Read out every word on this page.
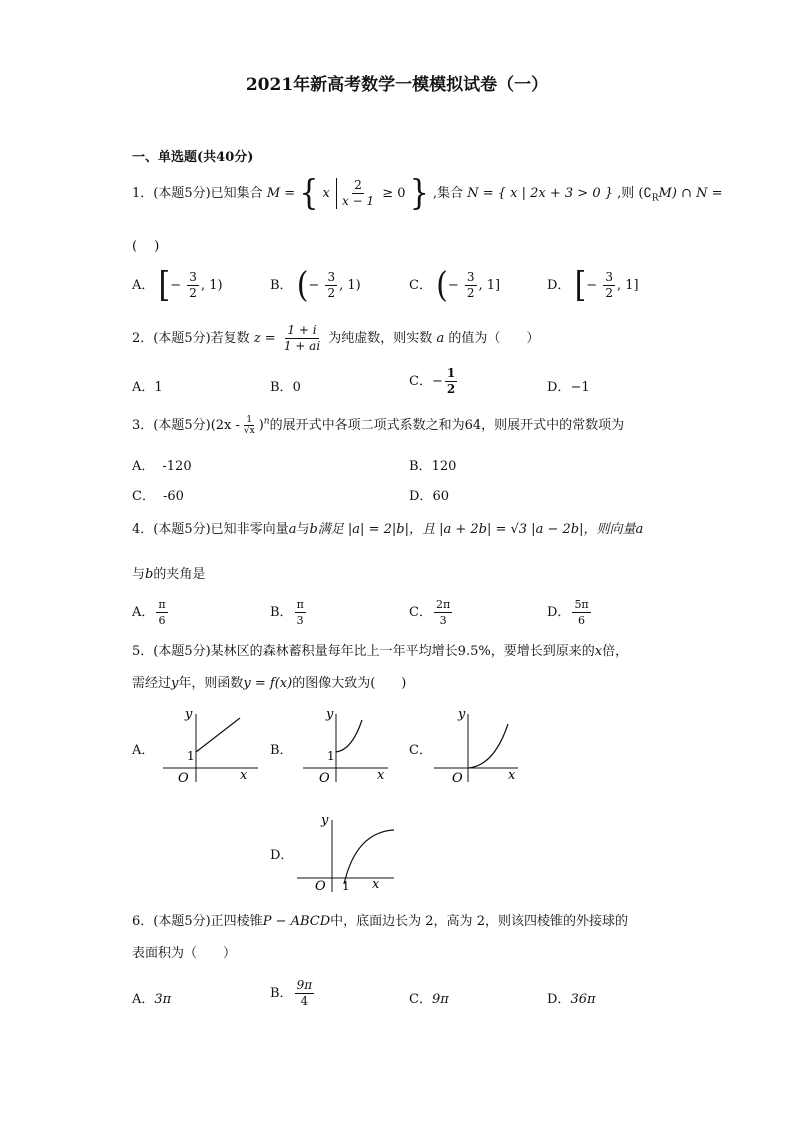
2021年新高考数学一模模拟试卷（一）
一、单选题(共40分)
1．(本题5分)已知集合 M = { x $\frac{2}{x - 1} \ge 0$ } ,集合 N = { x | 2x + 3 > 0 } ,则 $(∁_RM)$ ∩ N =
(　 )
A． [− $\frac{3}{2}$ , 1)	B． (− $\frac{3}{2}$ , 1)	C． (− $\frac{3}{2}$ , 1]	D． [− $\frac{3}{2}$ , 1]
2．(本题5分)若复数 $z = \frac{1 + i}{1 + ai}$ 为纯虚数，则实数 a 的值为（　　）
A．1	B．0	C．− $\frac{1}{2}$	D．−1
3．(本题5分)$(2x - \frac{1}{√x} )^n$的展开式中各项二项式系数之和为64，则展开式中的常数项为
A． -120	B．120
C． -60	D．60
4．(本题5分)已知非零向量a与b满足 |a| = 2|b|，且 |a + 2b| = √3 |a − 2b|，则向量a
与b的夹角是
A． $\frac{\pi}{6}$	B． $\frac{\pi}{3}$	C． $\frac{2\pi}{3}$	D． $\frac{5\pi}{6}$
5．(本题5分)某林区的森林蓄积量每年比上一年平均增长9.5%，要增长到原来的x倍，
需经过y年，则函数y = f(x)的图像大致为(　　)
A．
y
x
O
1	B．
y
x
O
1	C．
y
x
O
D．
y
x
O 1
6．(本题5分)正四棱锥P − ABCD中，底面边长为 2，高为 2，则该四棱锥的外接球的
表面积为（　　）
A．3π	B． $\frac{9\pi}{4}$	C．9π	D．36π
